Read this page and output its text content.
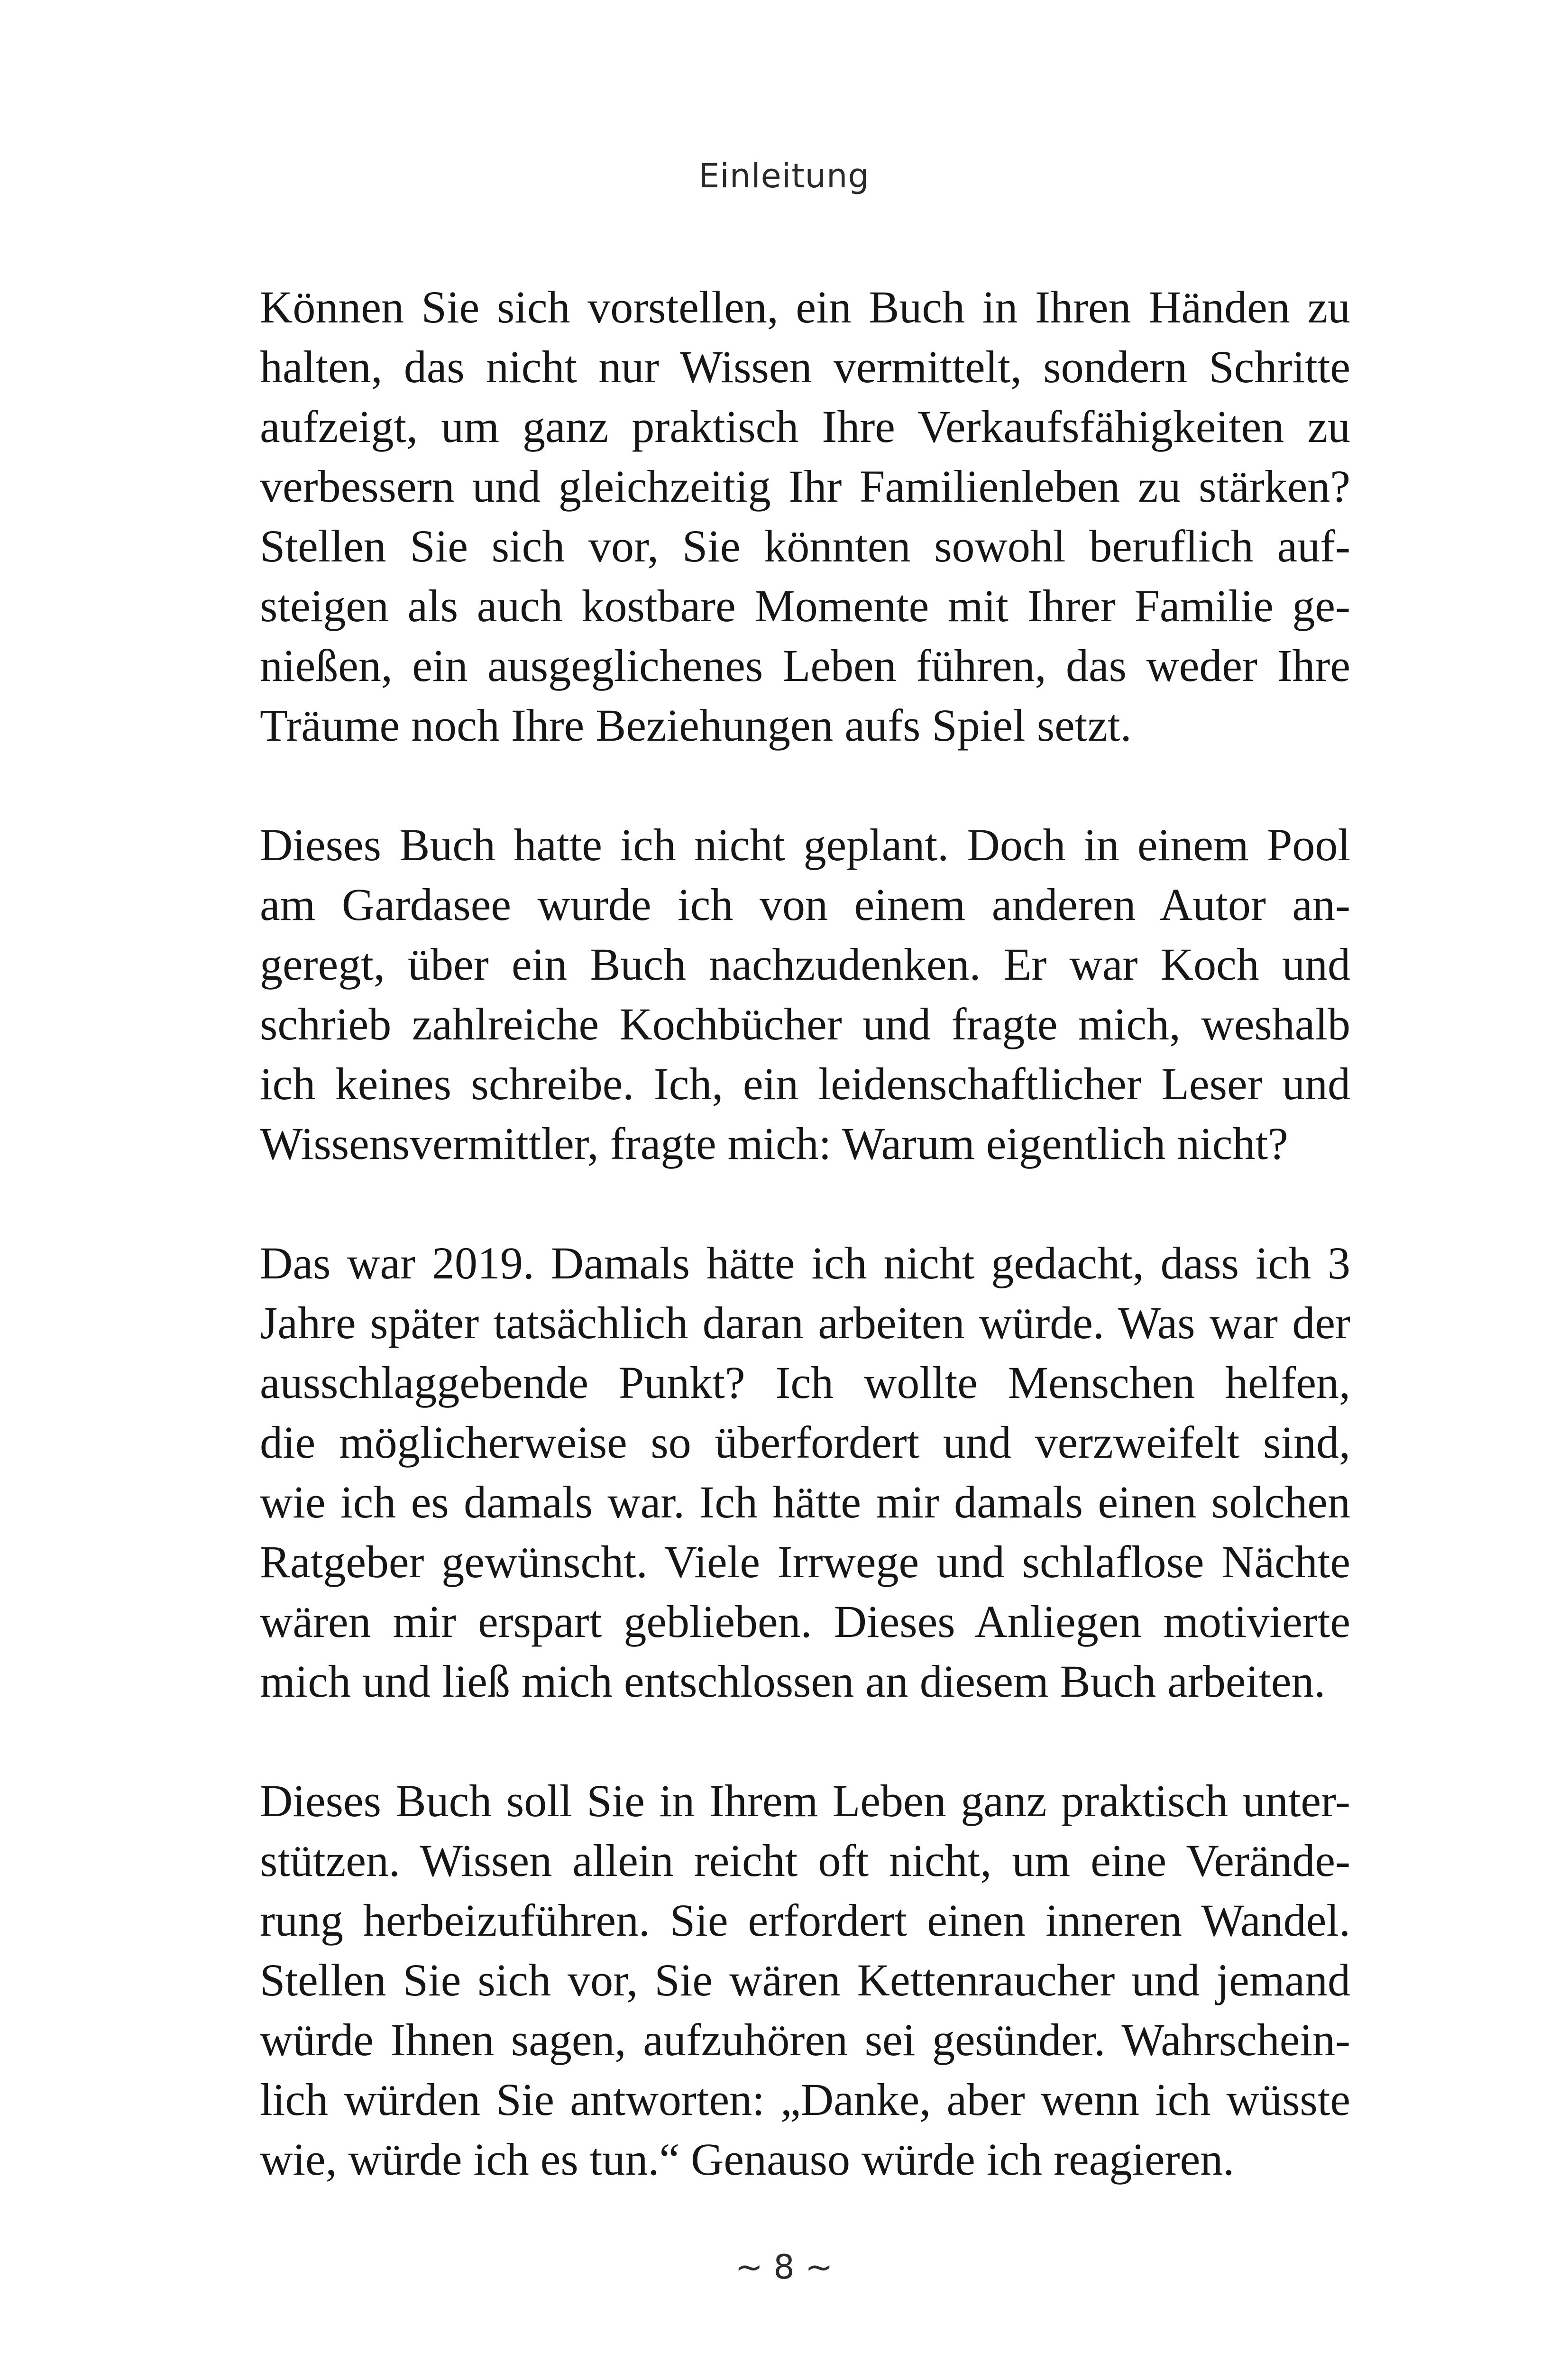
Einleitung
Können Sie sich vorstellen, ein Buch in Ihren Händen zu
halten, das nicht nur Wissen vermittelt, sondern Schritte
aufzeigt, um ganz praktisch Ihre Verkaufsfähigkeiten zu
verbessern und gleichzeitig Ihr Familienleben zu stärken?
Stellen Sie sich vor, Sie könnten sowohl beruflich auf-
steigen als auch kostbare Momente mit Ihrer Familie ge-
nießen, ein ausgeglichenes Leben führen, das weder Ihre
Träume noch Ihre Beziehungen aufs Spiel setzt.
Dieses Buch hatte ich nicht geplant. Doch in einem Pool
am Gardasee wurde ich von einem anderen Autor an-
geregt, über ein Buch nachzudenken. Er war Koch und
schrieb zahlreiche Kochbücher und fragte mich, weshalb
ich keines schreibe. Ich, ein leidenschaftlicher Leser und
Wissensvermittler, fragte mich: Warum eigentlich nicht?
Das war 2019. Damals hätte ich nicht gedacht, dass ich 3
Jahre später tatsächlich daran arbeiten würde. Was war der
ausschlaggebende Punkt? Ich wollte Menschen helfen,
die möglicherweise so überfordert und verzweifelt sind,
wie ich es damals war. Ich hätte mir damals einen solchen
Ratgeber gewünscht. Viele Irrwege und schlaflose Nächte
wären mir erspart geblieben. Dieses Anliegen motivierte
mich und ließ mich entschlossen an diesem Buch arbeiten.
Dieses Buch soll Sie in Ihrem Leben ganz praktisch unter-
stützen. Wissen allein reicht oft nicht, um eine Verände-
rung herbeizuführen. Sie erfordert einen inneren Wandel.
Stellen Sie sich vor, Sie wären Kettenraucher und jemand
würde Ihnen sagen, aufzuhören sei gesünder. Wahrschein-
lich würden Sie antworten: „Danke, aber wenn ich wüsste
wie, würde ich es tun.“ Genauso würde ich reagieren.
~ 8 ~
